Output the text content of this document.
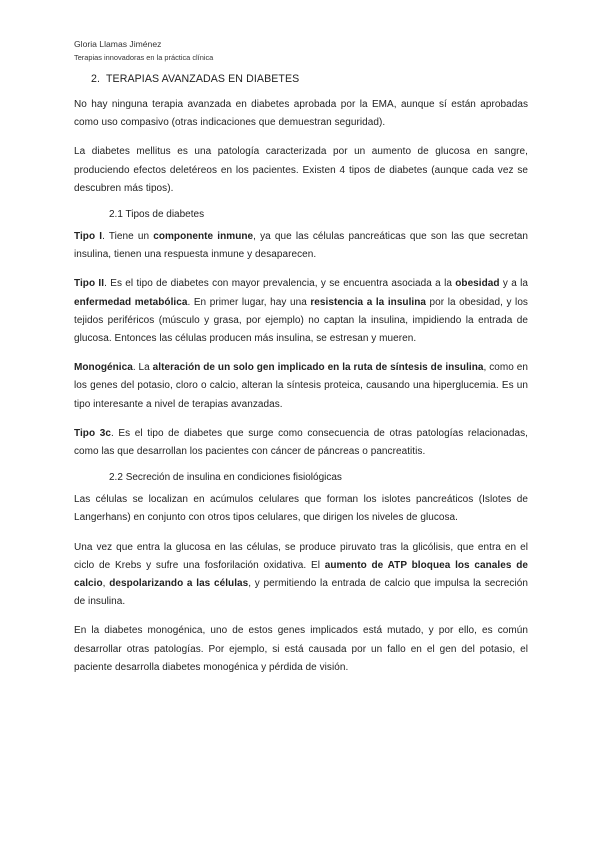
Gloria Llamas Jiménez
Terapias innovadoras en la práctica clínica
2. TERAPIAS AVANZADAS EN DIABETES

No hay ninguna terapia avanzada en diabetes aprobada por la EMA, aunque sí están aprobadas como uso compasivo (otras indicaciones que demuestran seguridad).

La diabetes mellitus es una patología caracterizada por un aumento de glucosa en sangre, produciendo efectos deletéreos en los pacientes. Existen 4 tipos de diabetes (aunque cada vez se descubren más tipos).

2.1 Tipos de diabetes

Tipo I. Tiene un componente inmune, ya que las células pancreáticas que son las que secretan insulina, tienen una respuesta inmune y desaparecen.

Tipo II. Es el tipo de diabetes con mayor prevalencia, y se encuentra asociada a la obesidad y a la enfermedad metabólica. En primer lugar, hay una resistencia a la insulina por la obesidad, y los tejidos periféricos (músculo y grasa, por ejemplo) no captan la insulina, impidiendo la entrada de glucosa. Entonces las células producen más insulina, se estresan y mueren.

Monogénica. La alteración de un solo gen implicado en la ruta de síntesis de insulina, como en los genes del potasio, cloro o calcio, alteran la síntesis proteica, causando una hiperglucemia. Es un tipo interesante a nivel de terapias avanzadas.

Tipo 3c. Es el tipo de diabetes que surge como consecuencia de otras patologías relacionadas, como las que desarrollan los pacientes con cáncer de páncreas o pancreatitis.

2.2 Secreción de insulina en condiciones fisiológicas

Las células se localizan en acúmulos celulares que forman los islotes pancreáticos (Islotes de Langerhans) en conjunto con otros tipos celulares, que dirigen los niveles de glucosa.

Una vez que entra la glucosa en las células, se produce piruvato tras la glicólisis, que entra en el ciclo de Krebs y sufre una fosforilación oxidativa. El aumento de ATP bloquea los canales de calcio, despolarizando a las células, y permitiendo la entrada de calcio que impulsa la secreción de insulina.

En la diabetes monogénica, uno de estos genes implicados está mutado, y por ello, es común desarrollar otras patologías. Por ejemplo, si está causada por un fallo en el gen del potasio, el paciente desarrolla diabetes monogénica y pérdida de visión.
